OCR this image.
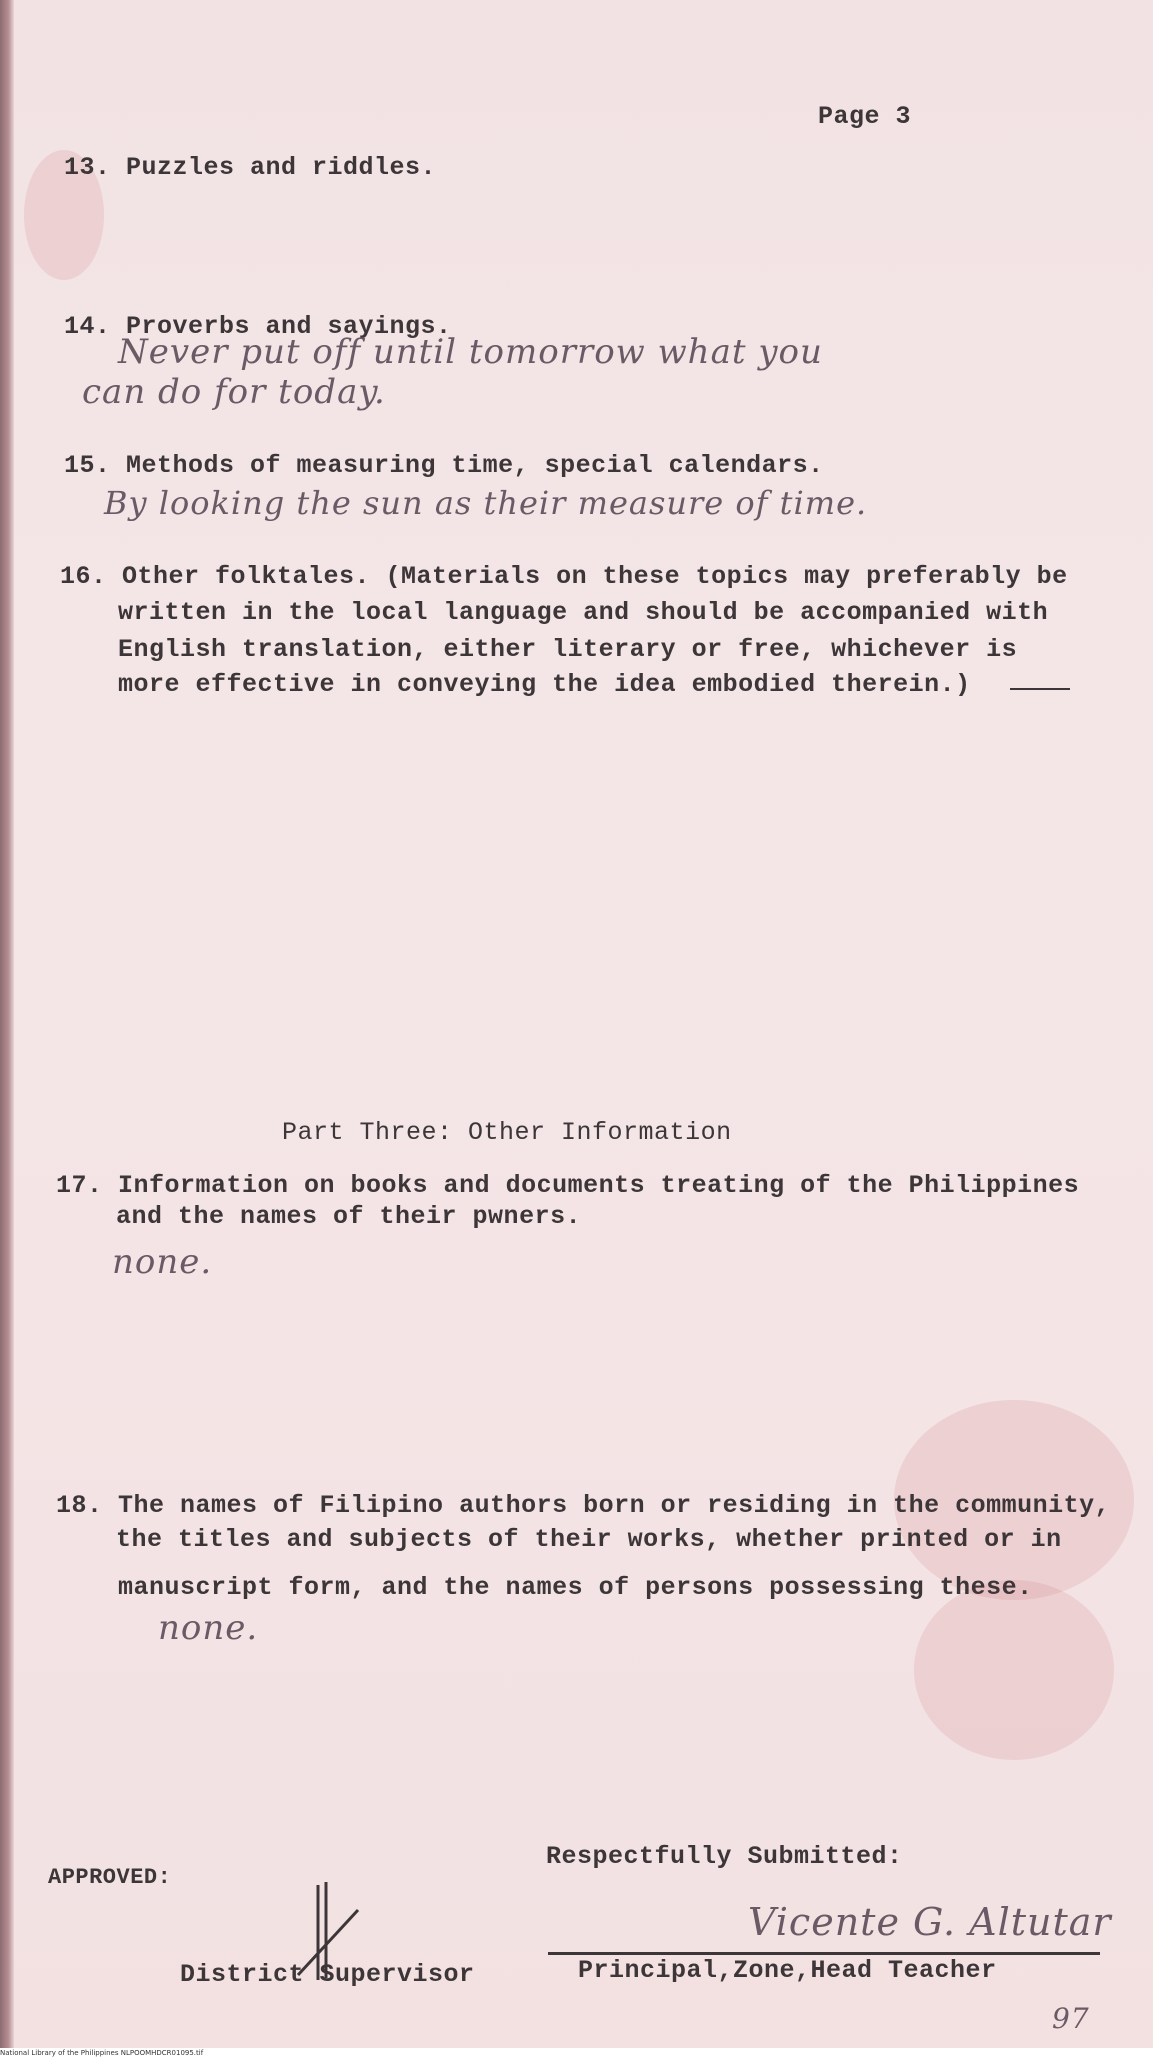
Page 3
13. Puzzles and riddles.
14. Proverbs and sayings.
Never put off until tomorrow what you
can do for today.
15. Methods of measuring time, special calendars.
By looking the sun as their measure of time.
16. Other folktales. (Materials on these topics may preferably be
written in the local language and should be accompanied with
English translation, either literary or free, whichever is
more effective in conveying the idea embodied therein.)
Part Three: Other Information
17. Information on books and documents treating of the Philippines
and the names of their pwners.
none.
18. The names of Filipino authors born or residing in the community,
the titles and subjects of their works, whether printed or in
manuscript form, and the names of persons possessing these.
none.
Respectfully Submitted:
APPROVED:
Vicente G. Altutar
District Supervisor	Principal,Zone,Head Teacher
97
National Library of the Philippines NLPOOMHDCR01095.tif
